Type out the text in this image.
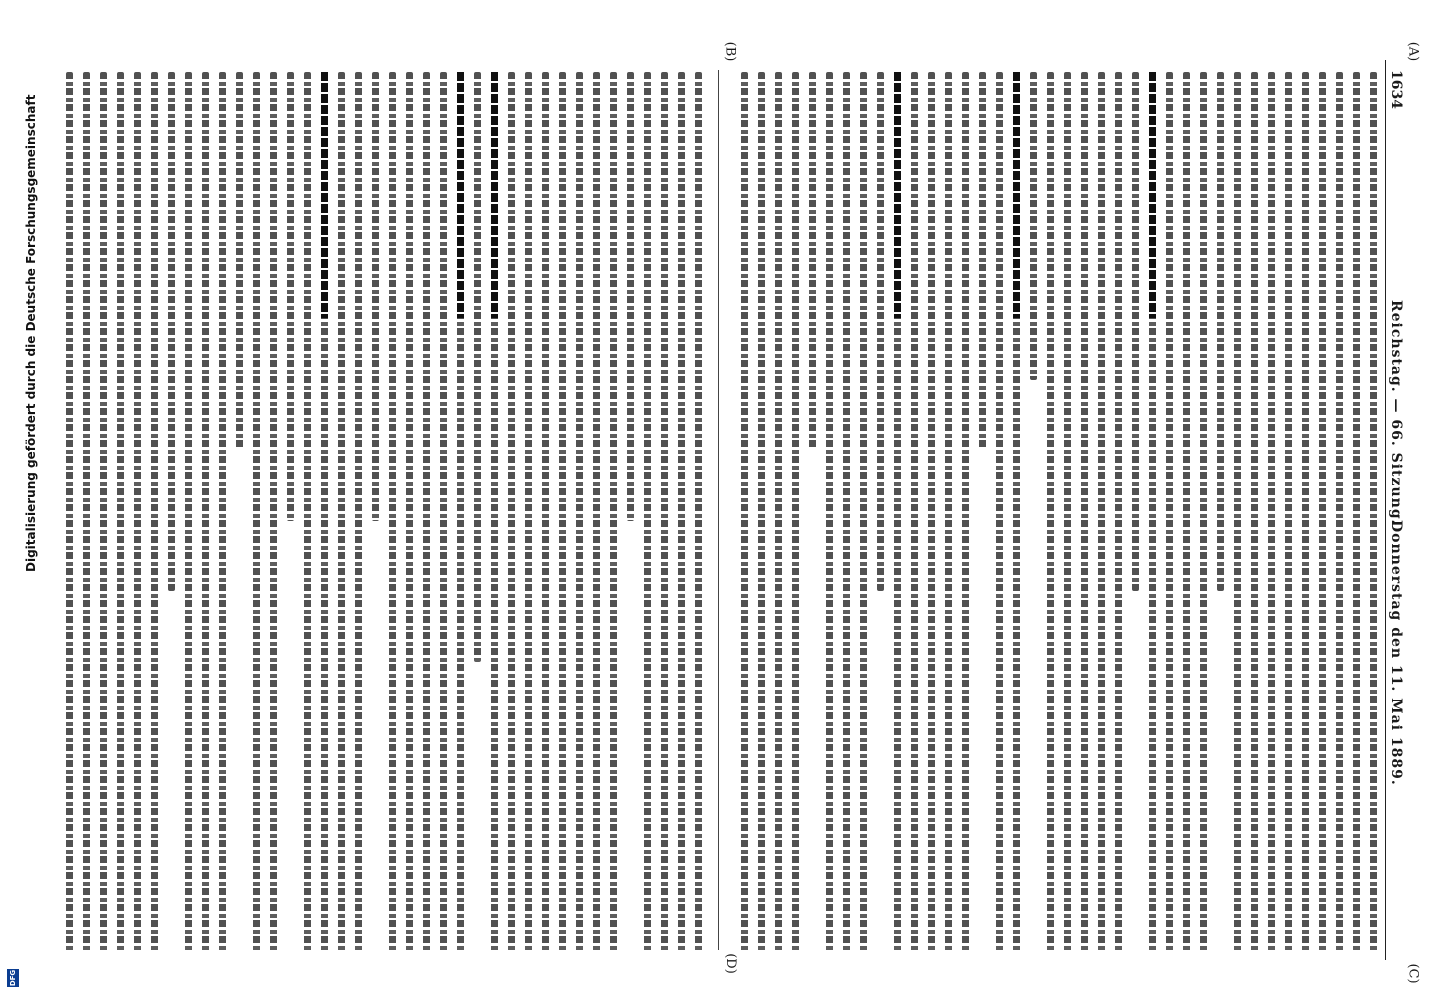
1634
Reichstag. — 66. Sitzung.
Donnerstag den 11. Mai 1889.
(A)
(C)
(B)
(D)
Digitalisierung gefördert durch die Deutsche Forschungsgemeinschaft
DFG
